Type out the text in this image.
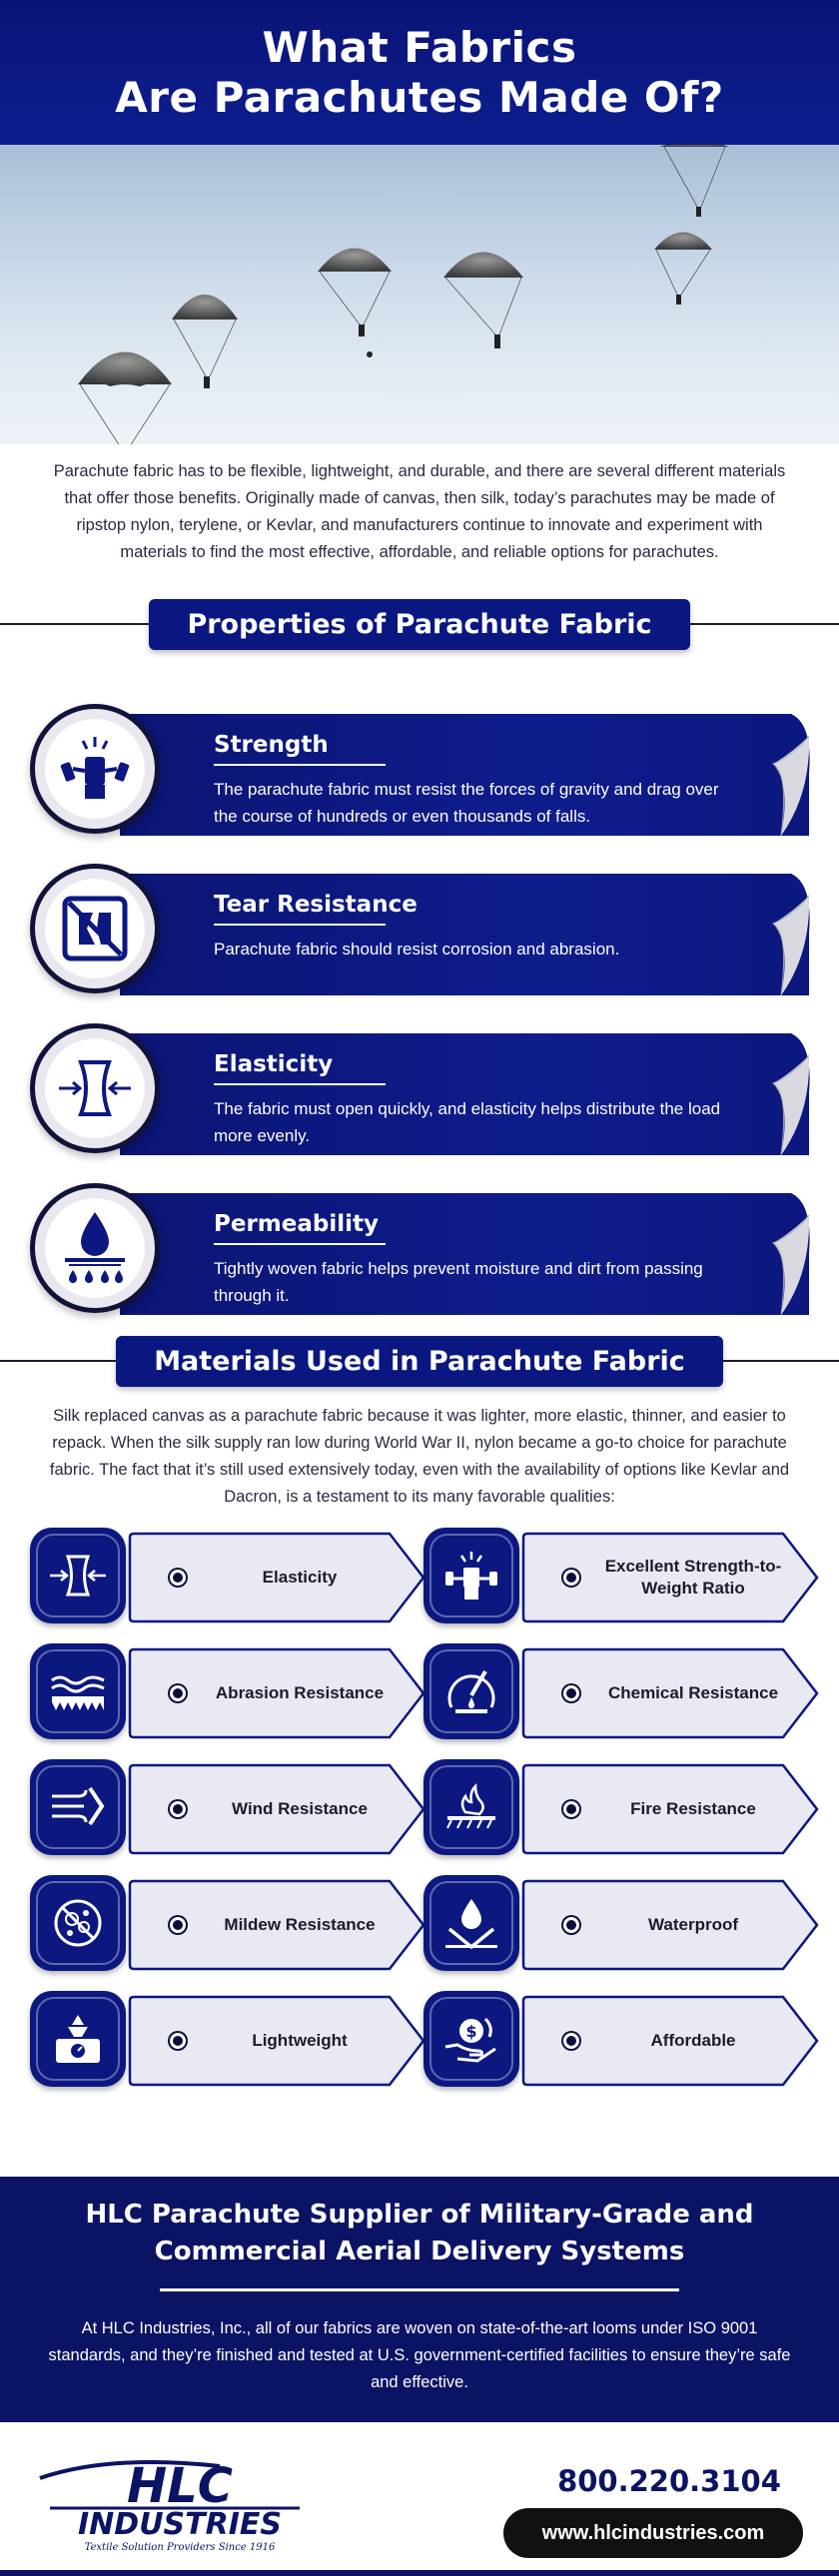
What Fabrics
Are Parachutes Made Of?
Parachute fabric has to be flexible, lightweight, and durable, and there are several different materials that offer those benefits. Originally made of canvas, then silk, today’s parachutes may be made of ripstop nylon, terylene, or Kevlar, and manufacturers continue to innovate and experiment with materials to find the most effective, affordable, and reliable options for parachutes.
Properties of Parachute Fabric
Strength
The parachute fabric must resist the forces of gravity and drag over the course of hundreds or even thousands of falls.
Tear Resistance
Parachute fabric should resist corrosion and abrasion.
Elasticity
The fabric must open quickly, and elasticity helps distribute the load more evenly.
Permeability
Tightly woven fabric helps prevent moisture and dirt from passing through it.
Materials Used in Parachute Fabric
Silk replaced canvas as a parachute fabric because it was lighter, more elastic, thinner, and easier to repack. When the silk supply ran low during World War II, nylon became a go-to choice for parachute fabric. The fact that it’s still used extensively today, even with the availability of options like Kevlar and Dacron, is a testament to its many favorable qualities:
Elasticity
Excellent Strength-to-Weight Ratio
Abrasion Resistance	Chemical Resistance
Wind Resistance	Fire Resistance
Mildew Resistance	Waterproof
Lightweight	$	Affordable
HLC Parachute Supplier of Military-Grade and
Commercial Aerial Delivery Systems

At HLC Industries, Inc., all of our fabrics are woven on state-of-the-art looms under ISO 9001 standards, and they’re finished and tested at U.S. government-certified facilities to ensure they’re safe and effective.

HLC
INDUSTRIES
Textile Solution Providers Since 1916
800.220.3104
www.hlcindustries.com
